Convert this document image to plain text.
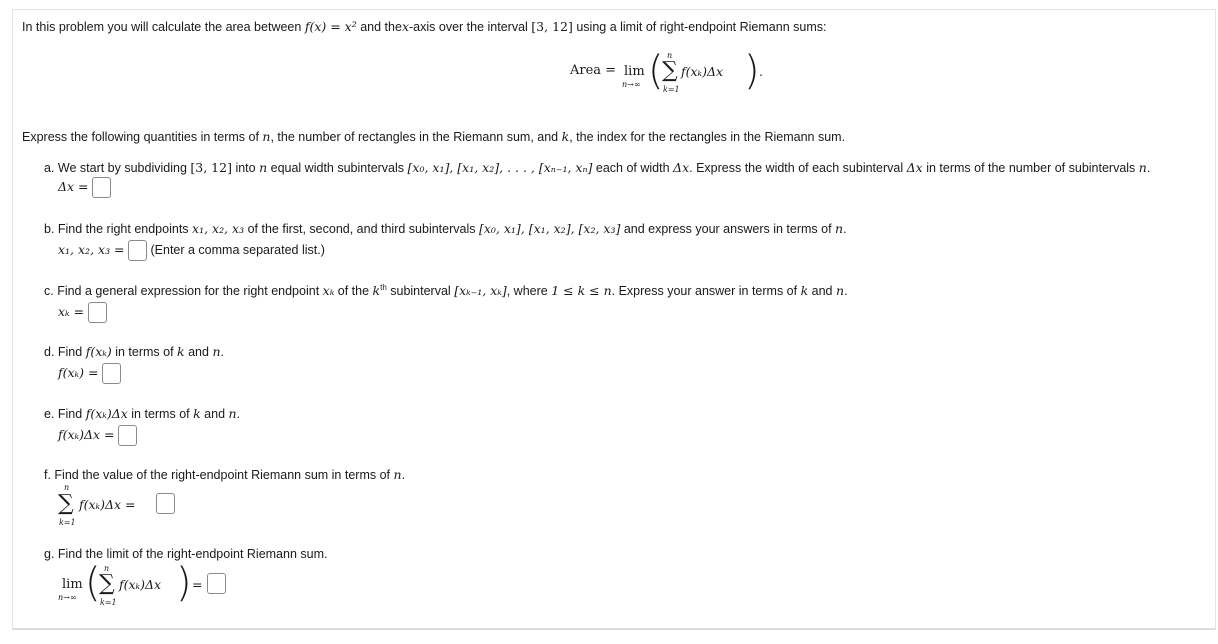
In this problem you will calculate the area between f(x) = x² and thex-axis over the interval [3, 12] using a limit of right-endpoint Riemann sums:
Area = lim
n→∞ ( n
∑
k=1
f(xₖ)Δx ) .
Express the following quantities in terms of n, the number of rectangles in the Riemann sum, and k, the index for the rectangles in the Riemann sum.
a. We start by subdividing [3, 12] into n equal width subintervals [x₀, x₁], [x₁, x₂], . . . , [xₙ₋₁, xₙ] each of width Δx. Express the width of each subinterval Δx in terms of the number of subintervals n.
Δx =
b. Find the right endpoints x₁, x₂, x₃ of the first, second, and third subintervals [x₀, x₁], [x₁, x₂], [x₂, x₃] and express your answers in terms of n.
x₁, x₂, x₃ = (Enter a comma separated list.)
c. Find a general expression for the right endpoint xₖ of the $k^{th}$ subinterval [xₖ₋₁, xₖ], where 1 ≤ k ≤ n. Express your answer in terms of k and n.
xₖ =
d. Find f(xₖ) in terms of k and n.
f(xₖ) =
e. Find f(xₖ)Δx in terms of k and n.
f(xₖ)Δx =
f. Find the value of the right-endpoint Riemann sum in terms of n.
n
∑
k=1
f(xₖ)Δx =
g. Find the limit of the right-endpoint Riemann sum.
lim
n→∞ ( n
∑
k=1
f(xₖ)Δx ) =
